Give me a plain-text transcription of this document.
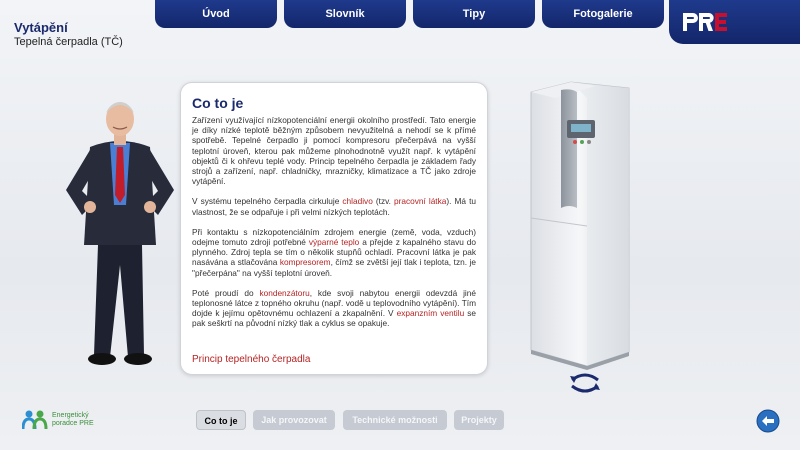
Vytápění
Tepelná čerpadla (TČ)
Úvod	Slovník	Tipy	Fotogalerie
Co to je

Zařízení využívající nízkopotenciální energii okolního prostředí. Tato energie je díky nízké teplotě běžným způsobem nevyužitelná a nehodí se k přímé spotřebě. Tepelné čerpadlo ji pomocí kompresoru přečerpává na vyšší teplotní úroveň, kterou pak můžeme plnohodnotně využít např. k vytápění objektů či k ohřevu teplé vody. Princip tepelného čerpadla je základem řady strojů a zařízení, např. chladničky, mrazničky, klimatizace a TČ jako zdroje vytápění.

V systému tepelného čerpadla cirkuluje chladivo (tzv. pracovní látka). Má tu vlastnost, že se odpařuje i při velmi nízkých teplotách.

Při kontaktu s nízkopotenciálním zdrojem energie (země, voda, vzduch) odejme tomuto zdroji potřebné výparné teplo a přejde z kapalného stavu do plynného. Zdroj tepla se tím o několik stupňů ochladí. Pracovní látka je pak nasávána a stlačována kompresorem, čímž se zvětší její tlak i teplota, tzn. je "přečerpána" na vyšší teplotní úroveň.

Poté proudí do kondenzátoru, kde svoji nabytou energii odevzdá jiné teplonosné látce z topného okruhu (např. vodě u teplovodního vytápění). Tím dojde k jejímu opětovnému ochlazení a zkapalnění. V expanzním ventilu se pak seškrtí na původní nízký tlak a cyklus se opakuje.

Princip tepelného čerpadla
Energetický
poradce PRE	Co to je	Jak provozovat	Technické možnosti	Projekty
